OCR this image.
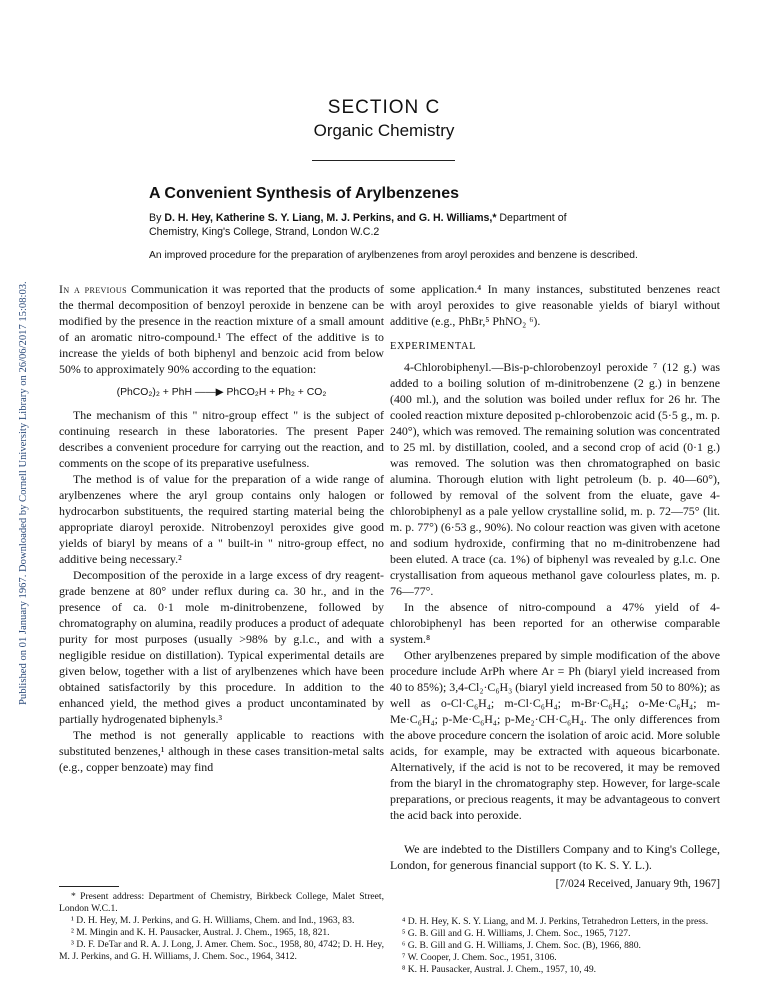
Published on 01 January 1967. Downloaded by Cornell University Library on 26/06/2017 15:08:03.
SECTION C
Organic Chemistry
A Convenient Synthesis of Arylbenzenes
By D. H. Hey, Katherine S. Y. Liang, M. J. Perkins, and G. H. Williams,* Department of Chemistry, King's College, Strand, London W.C.2
An improved procedure for the preparation of arylbenzenes from aroyl peroxides and benzene is described.

In a previous Communication it was reported that the products of the thermal decomposition of benzoyl peroxide in benzene can be modified by the presence in the reaction mixture of a small amount of an aromatic nitro-compound.¹ The effect of the additive is to increase the yields of both biphenyl and benzoic acid from below 50% to approximately 90% according to the equation:

(PhCO₂)₂ + PhH ——▶ PhCO₂H + Ph₂ + CO₂

The mechanism of this " nitro-group effect " is the subject of continuing research in these laboratories. The present Paper describes a convenient procedure for carrying out the reaction, and comments on the scope of its preparative usefulness.

The method is of value for the preparation of a wide range of arylbenzenes where the aryl group contains only halogen or hydrocarbon substituents, the required starting material being the appropriate diaroyl peroxide. Nitrobenzoyl peroxides give good yields of biaryl by means of a " built-in " nitro-group effect, no additive being necessary.²

Decomposition of the peroxide in a large excess of dry reagent-grade benzene at 80° under reflux during ca. 30 hr., and in the presence of ca. 0·1 mole m-dinitrobenzene, followed by chromatography on alumina, readily produces a product of adequate purity for most purposes (usually >98% by g.l.c., and with a negligible residue on distillation). Typical experimental details are given below, together with a list of arylbenzenes which have been obtained satisfactorily by this procedure. In addition to the enhanced yield, the method gives a product uncontaminated by partially hydrogenated biphenyls.³

The method is not generally applicable to reactions with substituted benzenes,¹ although in these cases transition-metal salts (e.g., copper benzoate) may find

* Present address: Department of Chemistry, Birkbeck College, Malet Street, London W.C.1.

¹ D. H. Hey, M. J. Perkins, and G. H. Williams, Chem. and Ind., 1963, 83.

² M. Mingin and K. H. Pausacker, Austral. J. Chem., 1965, 18, 821.

³ D. F. DeTar and R. A. J. Long, J. Amer. Chem. Soc., 1958, 80, 4742; D. H. Hey, M. J. Perkins, and G. H. Williams, J. Chem. Soc., 1964, 3412.

some application.⁴ In many instances, substituted benzenes react with aroyl peroxides to give reasonable yields of biaryl without additive (e.g., PhBr,⁵ PhNO₂ ⁶).

EXPERIMENTAL

4-Chlorobiphenyl.—Bis-p-chlorobenzoyl peroxide ⁷ (12 g.) was added to a boiling solution of m-dinitrobenzene (2 g.) in benzene (400 ml.), and the solution was boiled under reflux for 26 hr. The cooled reaction mixture deposited p-chlorobenzoic acid (5·5 g., m. p. 240°), which was removed. The remaining solution was concentrated to 25 ml. by distillation, cooled, and a second crop of acid (0·1 g.) was removed. The solution was then chromatographed on basic alumina. Thorough elution with light petroleum (b. p. 40—60°), followed by removal of the solvent from the eluate, gave 4-chlorobiphenyl as a pale yellow crystalline solid, m. p. 72—75° (lit. m. p. 77°) (6·53 g., 90%). No colour reaction was given with acetone and sodium hydroxide, confirming that no m-dinitrobenzene had been eluted. A trace (ca. 1%) of biphenyl was revealed by g.l.c. One crystallisation from aqueous methanol gave colourless plates, m. p. 76—77°.

In the absence of nitro-compound a 47% yield of 4-chlorobiphenyl has been reported for an otherwise comparable system.⁸

Other arylbenzenes prepared by simple modification of the above procedure include ArPh where Ar = Ph (biaryl yield increased from 40 to 85%); 3,4-Cl₂·C₆H₃ (biaryl yield increased from 50 to 80%); as well as o-Cl·C₆H₄; m-Cl·C₆H₄; m-Br·C₆H₄; o-Me·C₆H₄; m-Me·C₆H₄; p-Me·C₆H₄; p-Me₂·CH·C₆H₄. The only differences from the above procedure concern the isolation of aroic acid. More soluble acids, for example, may be extracted with aqueous bicarbonate. Alternatively, if the acid is not to be recovered, it may be removed from the biaryl in the chromatography step. However, for large-scale preparations, or precious reagents, it may be advantageous to convert the acid back into peroxide.

We are indebted to the Distillers Company and to King's College, London, for generous financial support (to K. S. Y. L.).

[7/024 Received, January 9th, 1967]

⁴ D. H. Hey, K. S. Y. Liang, and M. J. Perkins, Tetrahedron Letters, in the press.

⁵ G. B. Gill and G. H. Williams, J. Chem. Soc., 1965, 7127.

⁶ G. B. Gill and G. H. Williams, J. Chem. Soc. (B), 1966, 880.

⁷ W. Cooper, J. Chem. Soc., 1951, 3106.

⁸ K. H. Pausacker, Austral. J. Chem., 1957, 10, 49.
